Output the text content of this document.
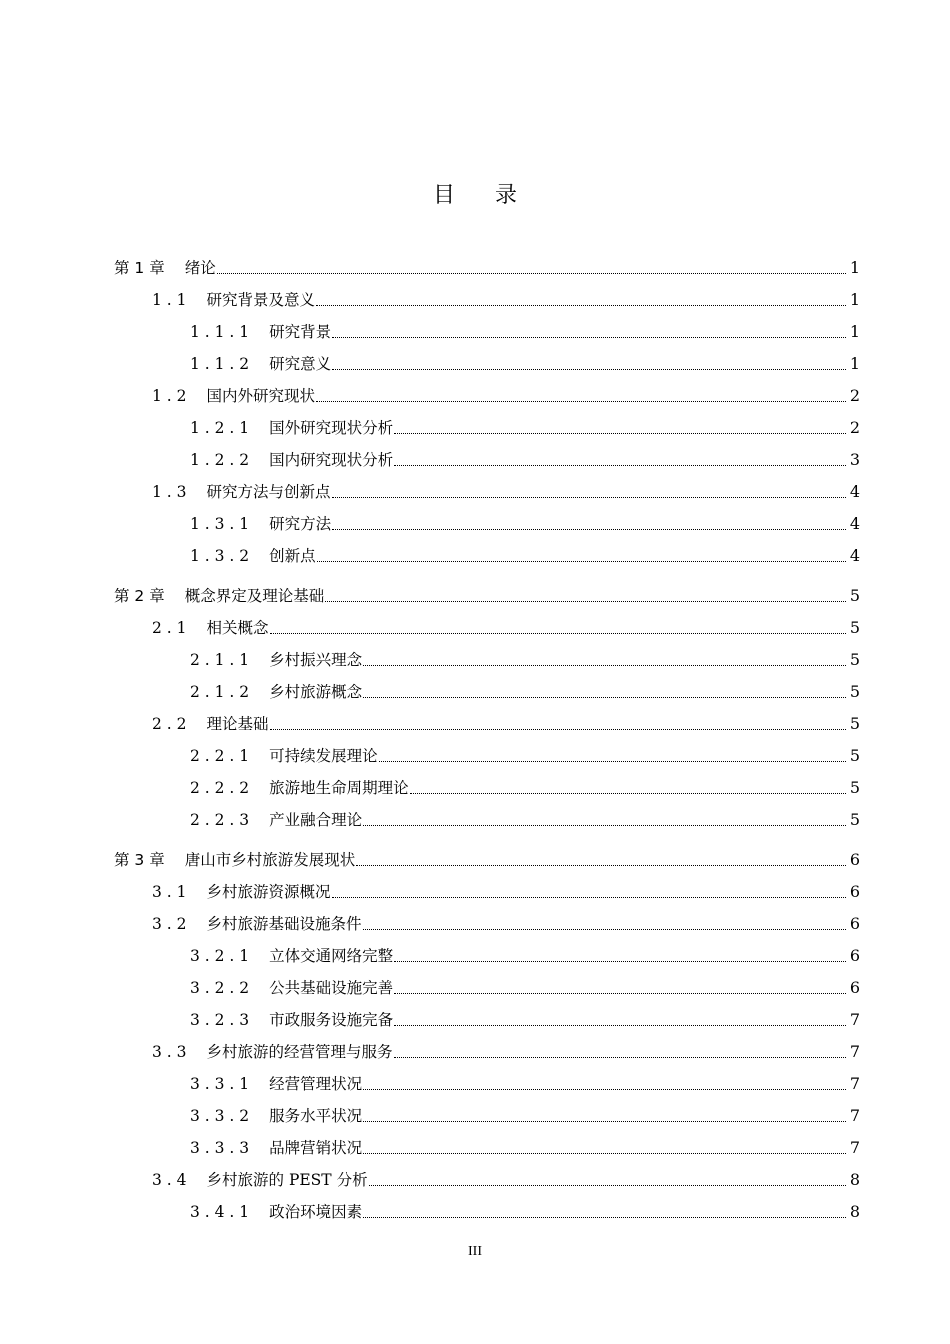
目录
第 1 章 绪论	1
1 . 1 研究背景及意义	1
1 . 1 . 1 研究背景	1
1 . 1 . 2 研究意义	1
1 . 2 国内外研究现状	2
1 . 2 . 1 国外研究现状分析	2
1 . 2 . 2 国内研究现状分析	3
1 . 3 研究方法与创新点	4
1 . 3 . 1 研究方法	4
1 . 3 . 2 创新点	4
第 2 章 概念界定及理论基础	5
2 . 1 相关概念	5
2 . 1 . 1 乡村振兴理念	5
2 . 1 . 2 乡村旅游概念	5
2 . 2 理论基础	5
2 . 2 . 1 可持续发展理论	5
2 . 2 . 2 旅游地生命周期理论	5
2 . 2 . 3 产业融合理论	5
第 3 章 唐山市乡村旅游发展现状	6
3 . 1 乡村旅游资源概况	6
3 . 2 乡村旅游基础设施条件	6
3 . 2 . 1 立体交通网络完整	6
3 . 2 . 2 公共基础设施完善	6
3 . 2 . 3 市政服务设施完备	7
3 . 3 乡村旅游的经营管理与服务	7
3 . 3 . 1 经营管理状况	7
3 . 3 . 2 服务水平状况	7
3 . 3 . 3 品牌营销状况	7
3 . 4 乡村旅游的 PEST 分析	8
3 . 4 . 1 政治环境因素	8
III
